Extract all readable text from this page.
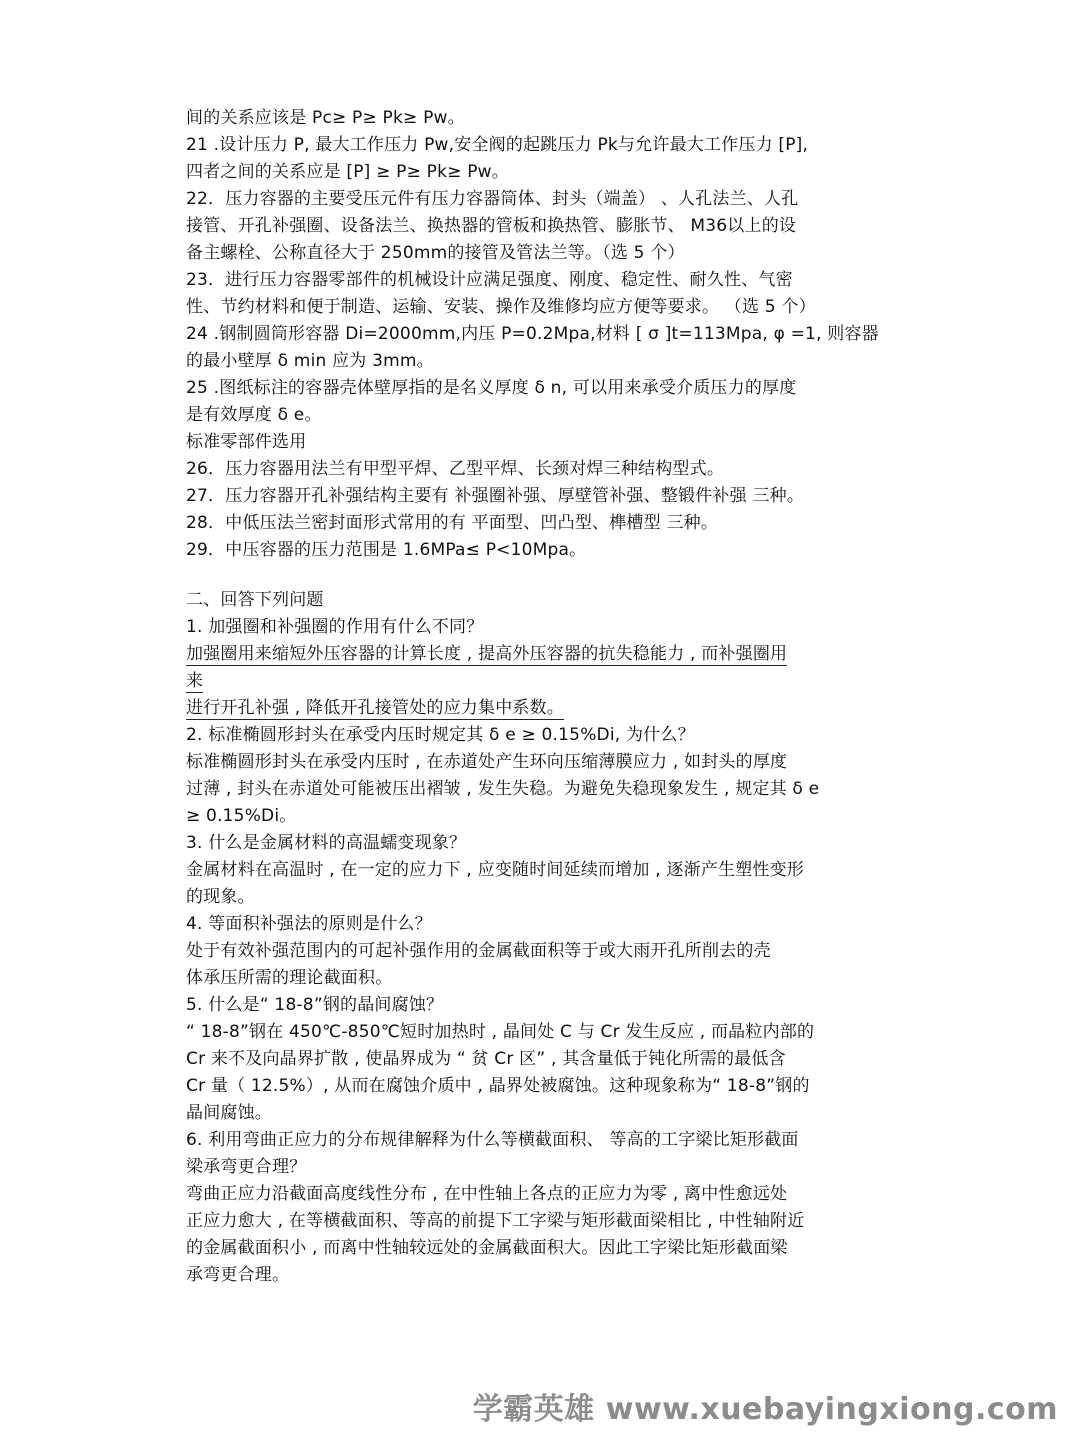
间的关系应该是 Pc≥ P≥ Pk≥ Pw。
21 .设计压力 P, 最大工作压力 Pw,安全阀的起跳压力 Pk与允许最大工作压力 [P],
四者之间的关系应是 [P] ≥ P≥ Pk≥ Pw。
22．压力容器的主要受压元件有压力容器筒体、封头（端盖） 、人孔法兰、人孔
接管、开孔补强圈、设备法兰、换热器的管板和换热管、膨胀节、 M36以上的设
备主螺栓、公称直径大于 250mm的接管及管法兰等。（选 5 个）
23．进行压力容器零部件的机械设计应满足强度、刚度、稳定性、耐久性、气密
性、节约材料和便于制造、运输、安装、操作及维修均应方便等要求。 （选 5 个）
24 .钢制圆筒形容器 Di=2000mm,内压 P=0.2Mpa,材料 [ σ ]t=113Mpa, φ =1, 则容器
的最小壁厚 δ min 应为 3mm。
25 .图纸标注的容器壳体壁厚指的是名义厚度 δ n, 可以用来承受介质压力的厚度
是有效厚度 δ e。
标准零部件选用
26．压力容器用法兰有甲型平焊、乙型平焊、长颈对焊三种结构型式。
27．压力容器开孔补强结构主要有 补强圈补强、厚壁管补强、整锻件补强 三种。
28．中低压法兰密封面形式常用的有 平面型、凹凸型、榫槽型 三种。
29．中压容器的压力范围是 1.6MPa≤ P<10Mpa。
二、回答下列问题
1. 加强圈和补强圈的作用有什么不同？
加强圈用来缩短外压容器的计算长度 , 提高外压容器的抗失稳能力 , 而补强圈用
来
进行开孔补强 , 降低开孔接管处的应力集中系数。
2. 标准椭圆形封头在承受内压时规定其 δ e ≥ 0.15%Di, 为什么？
标准椭圆形封头在承受内压时 , 在赤道处产生环向压缩薄膜应力 , 如封头的厚度
过薄 , 封头在赤道处可能被压出褶皱 , 发生失稳。为避免失稳现象发生 , 规定其 δ e
≥ 0.15%Di。
3. 什么是金属材料的高温蠕变现象？
金属材料在高温时 , 在一定的应力下 , 应变随时间延续而增加 , 逐渐产生塑性变形
的现象。
4. 等面积补强法的原则是什么？
处于有效补强范围内的可起补强作用的金属截面积等于或大雨开孔所削去的壳
体承压所需的理论截面积。
5. 什么是“ 18-8”钢的晶间腐蚀？
“ 18-8”钢在 450℃-850℃短时加热时 , 晶间处 C 与 Cr 发生反应 , 而晶粒内部的
Cr 来不及向晶界扩散 , 使晶界成为 “ 贫 Cr 区” , 其含量低于钝化所需的最低含
Cr 量（ 12.5%）, 从而在腐蚀介质中 , 晶界处被腐蚀。这种现象称为“ 18-8”钢的
晶间腐蚀。
6. 利用弯曲正应力的分布规律解释为什么等横截面积、 等高的工字梁比矩形截面
梁承弯更合理？
弯曲正应力沿截面高度线性分布 , 在中性轴上各点的正应力为零 , 离中性愈远处
正应力愈大 , 在等横截面积、等高的前提下工字梁与矩形截面梁相比 , 中性轴附近
的金属截面积小 , 而离中性轴较远处的金属截面积大。因此工字梁比矩形截面梁
承弯更合理。
学霸英雄 www.xuebayingxiong.com
